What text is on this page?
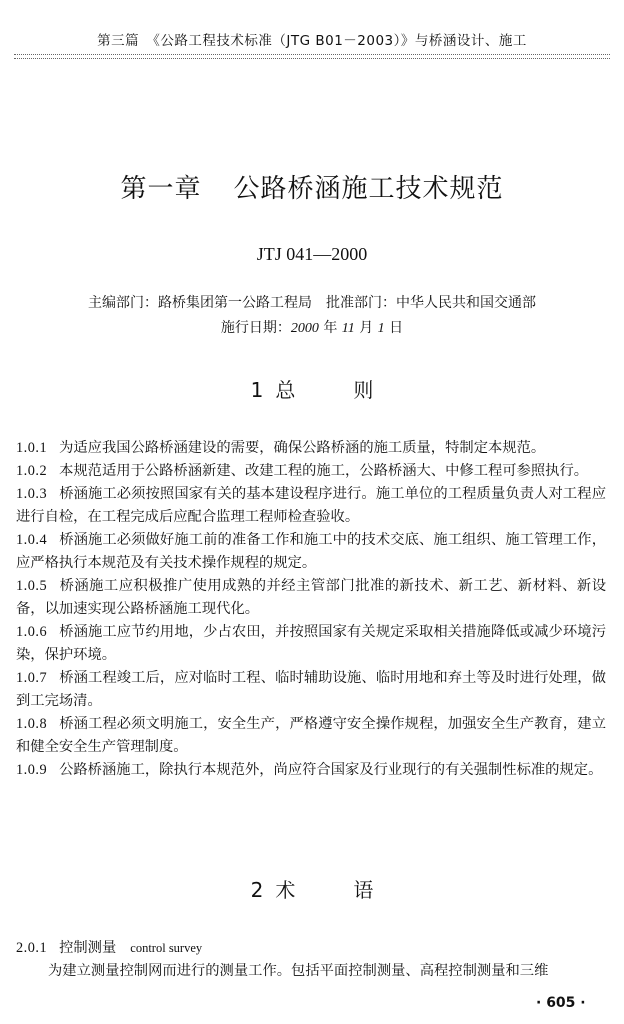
第三篇　《公路工程技术标准（JTG B01－2003）》与桥涵设计、施工
第一章 公路桥涵施工技术规范
JTJ 041—2000
主编部门：路桥集团第一公路工程局 批准部门：中华人民共和国交通部
施行日期：2000 年 11 月 1 日
1 总	则

1.0.1 为适应我国公路桥涵建设的需要，确保公路桥涵的施工质量，特制定本规范。

1.0.2 本规范适用于公路桥涵新建、改建工程的施工，公路桥涵大、中修工程可参照执行。

1.0.3 桥涵施工必须按照国家有关的基本建设程序进行。施工单位的工程质量负责人对工程应进行自检，在工程完成后应配合监理工程师检查验收。

1.0.4 桥涵施工必须做好施工前的准备工作和施工中的技术交底、施工组织、施工管理工作，应严格执行本规范及有关技术操作规程的规定。

1.0.5 桥涵施工应积极推广使用成熟的并经主管部门批准的新技术、新工艺、新材料、新设备，以加速实现公路桥涵施工现代化。

1.0.6 桥涵施工应节约用地，少占农田，并按照国家有关规定采取相关措施降低或减少环境污染，保护环境。

1.0.7 桥涵工程竣工后，应对临时工程、临时辅助设施、临时用地和弃土等及时进行处理，做到工完场清。

1.0.8 桥涵工程必须文明施工，安全生产，严格遵守安全操作规程，加强安全生产教育，建立和健全安全生产管理制度。

1.0.9 公路桥涵施工，除执行本规范外，尚应符合国家及行业现行的有关强制性标准的规定。

2 术	语
2.0.1 控制测量 control survey
为建立测量控制网而进行的测量工作。包括平面控制测量、高程控制测量和三维
· 605 ·
